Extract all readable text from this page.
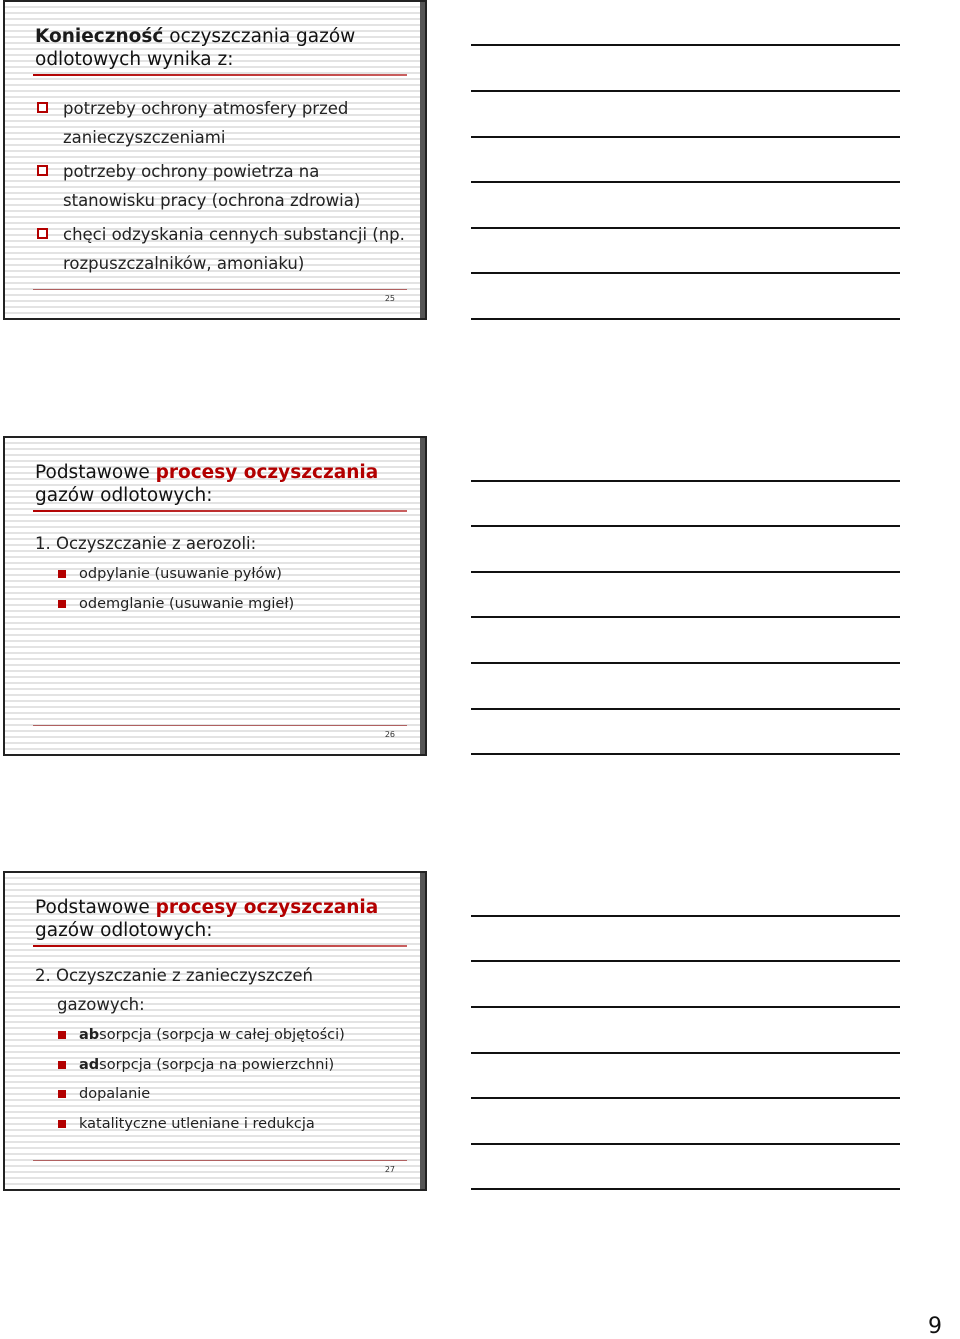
Konieczność oczyszczania gazów odlotowych wynika z:
potrzeby ochrony atmosfery przed zanieczyszczeniami
potrzeby ochrony powietrza na stanowisku pracy (ochrona zdrowia)
chęci odzyskania cennych substancji (np. rozpuszczalników, amoniaku)
25
Podstawowe procesy oczyszczania gazów odlotowych:
1. Oczyszczanie z aerozoli:
odpylanie (usuwanie pyłów)
odemglanie (usuwanie mgieł)
26
Podstawowe procesy oczyszczania gazów odlotowych:
2. Oczyszczanie z zanieczyszczeń
gazowych:
absorpcja (sorpcja w całej objętości)
adsorpcja (sorpcja na powierzchni)
dopalanie
katalityczne utleniane i redukcja
27
9
